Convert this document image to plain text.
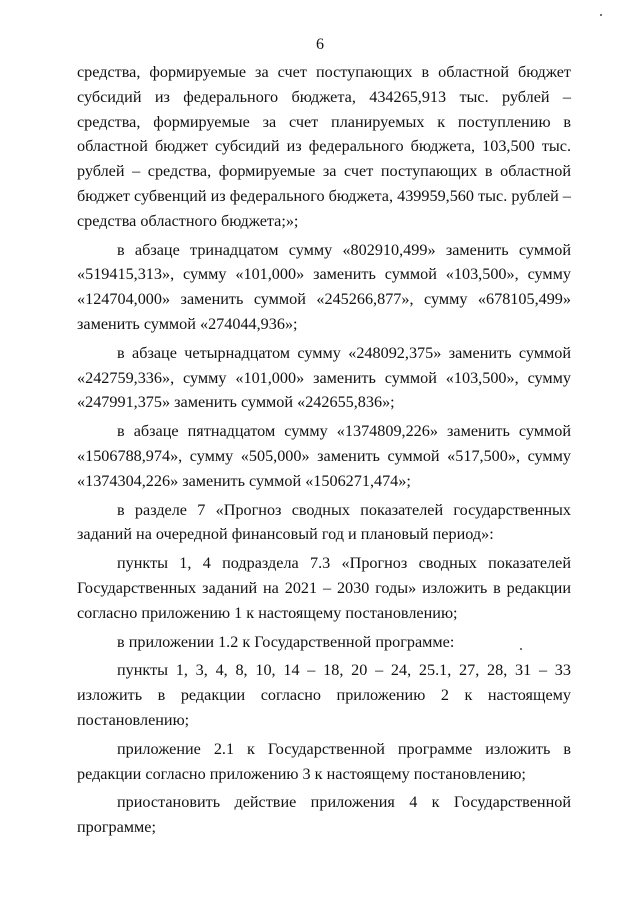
6

средства, формируемые за счет поступающих в областной бюджет субсидий из федерального бюджета, 434265,913 тыс. рублей – средства, формируемые за счет планируемых к поступлению в областной бюджет субсидий из федерального бюджета, 103,500 тыс. рублей – средства, формируемые за счет поступающих в областной бюджет субвенций из федерального бюджета, 439959,560 тыс. рублей – средства областного бюджета;»;

в абзаце тринадцатом сумму «802910,499» заменить суммой «519415,313», сумму «101,000» заменить суммой «103,500», сумму «124704,000» заменить суммой «245266,877», сумму «678105,499» заменить суммой «274044,936»;

в абзаце четырнадцатом сумму «248092,375» заменить суммой «242759,336», сумму «101,000» заменить суммой «103,500», сумму «247991,375» заменить суммой «242655,836»;

в абзаце пятнадцатом сумму «1374809,226» заменить суммой «1506788,974», сумму «505,000» заменить суммой «517,500», сумму «1374304,226» заменить суммой «1506271,474»;

в разделе 7 «Прогноз сводных показателей государственных заданий на очередной финансовый год и плановый период»:

пункты 1, 4 подраздела 7.3 «Прогноз сводных показателей Государственных заданий на 2021 – 2030 годы» изложить в редакции согласно приложению 1 к настоящему постановлению;

в приложении 1.2 к Государственной программе:

пункты 1, 3, 4, 8, 10, 14 – 18, 20 – 24, 25.1, 27, 28, 31 – 33 изложить в редакции согласно приложению 2 к настоящему постановлению;

приложение 2.1 к Государственной программе изложить в редакции согласно приложению 3 к настоящему постановлению;

приостановить действие приложения 4 к Государственной программе;
